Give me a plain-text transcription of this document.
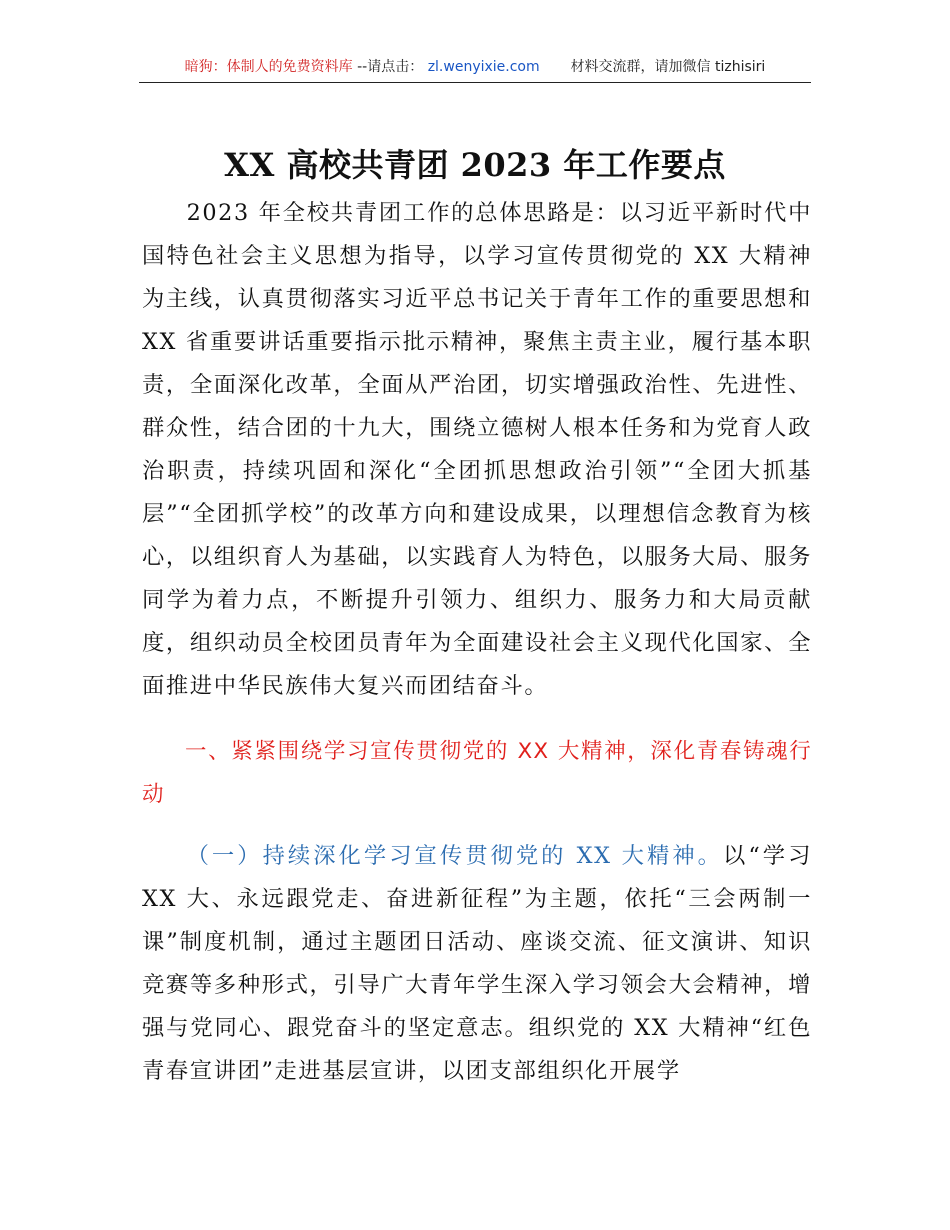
暗狗：体制人的免费资料库 --请点击： zl.wenyixie.com 材料交流群，请加微信 tizhisiri
XX 高校共青团 2023 年工作要点

2023 年全校共青团工作的总体思路是：以习近平新时代中国特色社会主义思想为指导，以学习宣传贯彻党的 XX 大精神为主线，认真贯彻落实习近平总书记关于青年工作的重要思想和 XX 省重要讲话重要指示批示精神，聚焦主责主业，履行基本职责，全面深化改革，全面从严治团，切实增强政治性、先进性、群众性，结合团的十九大，围绕立德树人根本任务和为党育人政治职责，持续巩固和深化“全团抓思想政治引领”“全团大抓基层”“全团抓学校”的改革方向和建设成果，以理想信念教育为核心，以组织育人为基础，以实践育人为特色，以服务大局、服务同学为着力点，不断提升引领力、组织力、服务力和大局贡献度，组织动员全校团员青年为全面建设社会主义现代化国家、全面推进中华民族伟大复兴而团结奋斗。

一、紧紧围绕学习宣传贯彻党的 XX 大精神，深化青春铸魂行动

（一）持续深化学习宣传贯彻党的 XX 大精神。以“学习 XX 大、永远跟党走、奋进新征程”为主题，依托“三会两制一课”制度机制，通过主题团日活动、座谈交流、征文演讲、知识竞赛等多种形式，引导广大青年学生深入学习领会大会精神，增强与党同心、跟党奋斗的坚定意志。组织党的 XX 大精神“红色青春宣讲团”走进基层宣讲，以团支部组织化开展学
